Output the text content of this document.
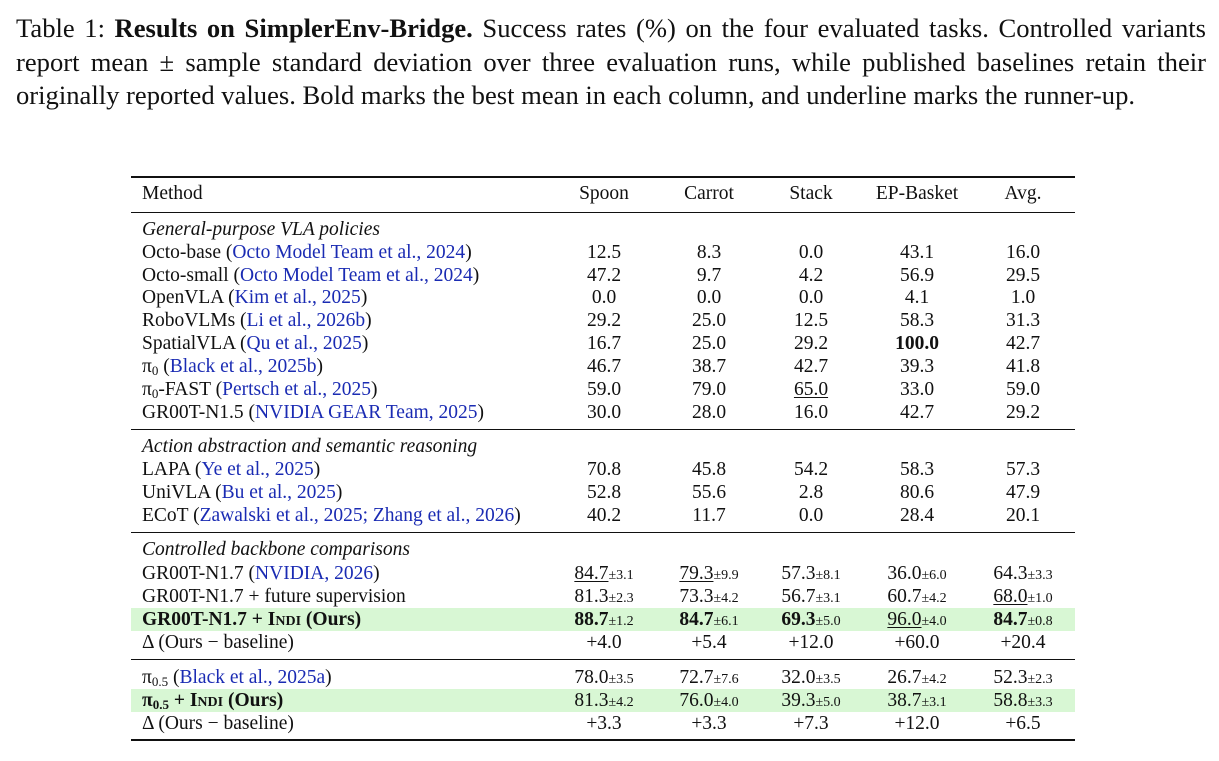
Table 1: Results on SimplerEnv-Bridge. Success rates (%) on the four evaluated tasks. Controlled variants report mean ± sample standard deviation over three evaluation runs, while published baselines retain their originally reported values. Bold marks the best mean in each column, and underline marks the runner-up.
Method	Spoon	Carrot	Stack	EP-Basket	Avg.
General-purpose VLA policies
Octo-base (Octo Model Team et al., 2024)	12.5	8.3	0.0	43.1	16.0
Octo-small (Octo Model Team et al., 2024)	47.2	9.7	4.2	56.9	29.5
OpenVLA (Kim et al., 2025)	0.0	0.0	0.0	4.1	1.0
RoboVLMs (Li et al., 2026b)	29.2	25.0	12.5	58.3	31.3
SpatialVLA (Qu et al., 2025)	16.7	25.0	29.2	100.0	42.7
$\pi_0$ (Black et al., 2025b)	46.7	38.7	42.7	39.3	41.8
$\pi_0$-FAST (Pertsch et al., 2025)	59.0	79.0	65.0	33.0	59.0
GR00T-N1.5 (NVIDIA GEAR Team, 2025)	30.0	28.0	16.0	42.7	29.2
Action abstraction and semantic reasoning
LAPA (Ye et al., 2025)	70.8	45.8	54.2	58.3	57.3
UniVLA (Bu et al., 2025)	52.8	55.6	2.8	80.6	47.9
ECoT (Zawalski et al., 2025; Zhang et al., 2026)	40.2	11.7	0.0	28.4	20.1
Controlled backbone comparisons
GR00T-N1.7 (NVIDIA, 2026)	84.7±3.1	79.3±9.9	57.3±8.1	36.0±6.0	64.3±3.3
GR00T-N1.7 + future supervision	81.3±2.3	73.3±4.2	56.7±3.1	60.7±4.2	68.0±1.0
GR00T-N1.7 + Indi (Ours)	88.7±1.2	84.7±6.1	69.3±5.0	96.0±4.0	84.7±0.8
Δ (Ours − baseline)	+4.0	+5.4	+12.0	+60.0	+20.4
$\pi_{0.5}$ (Black et al., 2025a)	78.0±3.5	72.7±7.6	32.0±3.5	26.7±4.2	52.3±2.3
$\pi_{0.5}$ + Indi (Ours)	81.3±4.2	76.0±4.0	39.3±5.0	38.7±3.1	58.8±3.3
Δ (Ours − baseline)	+3.3	+3.3	+7.3	+12.0	+6.5
